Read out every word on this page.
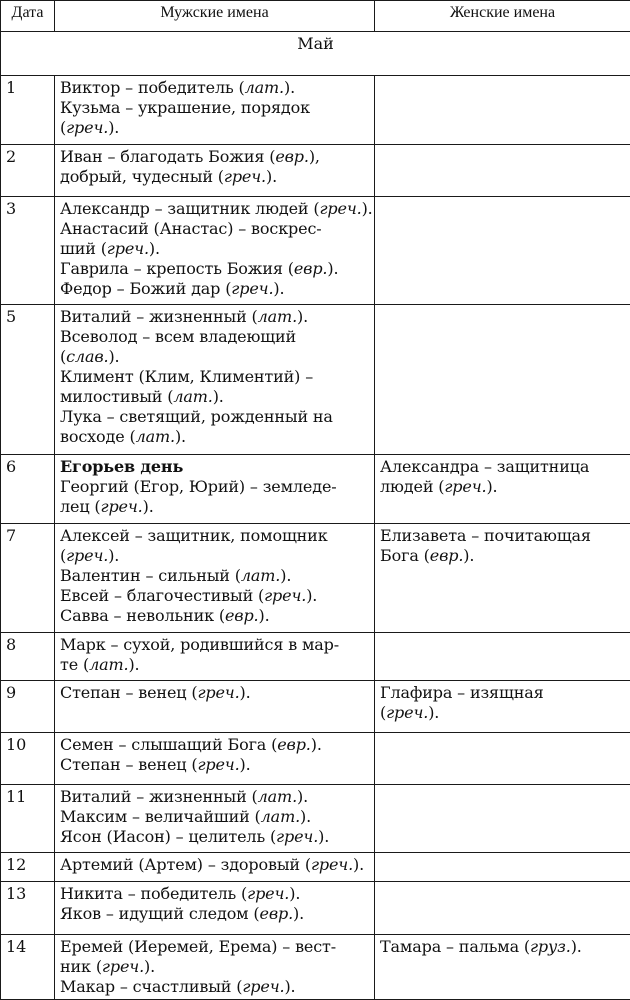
Дата	Мужские имена	Женские имена
Май		
1	Виктор – победитель (лат.).
Кузьма – украшение, порядок
(греч.).	

2	Иван – благодать Божия (евр.),
добрый, чудесный (греч.).	

3	Александр – защитник людей (греч.).
Анастасий (Анастас) – воскрес-
ший (греч.).
Гаврила – крепость Божия (евр.).
Федор – Божий дар (греч.).	

5	Виталий – жизненный (лат.).
Всеволод – всем владеющий
(слав.).
Климент (Клим, Климентий) –
милостивый (лат.).
Лука – светящий, рожденный на
восходе (лат.).

6	Егорьев день
Георгий (Егор, Юрий) – земледе-
лец (греч.).	Александра – защитница
людей (греч.).

7	Алексей – защитник, помощник
(греч.).
Валентин – сильный (лат.).
Евсей – благочестивый (греч.).
Савва – невольник (евр.).	Елизавета – почитающая
Бога (евр.).

8	Марк – сухой, родившийся в мар-
те (лат.).	

9	Степан – венец (греч.).	Глафира – изящная
(греч.).

10	Семен – слышащий Бога (евр.).
Степан – венец (греч.).	

11	Виталий – жизненный (лат.).
Максим – величайший (лат.).
Ясон (Иасон) – целитель (греч.).	

12	Артемий (Артем) – здоровый (греч.).	

13	Никита – победитель (греч.).
Яков – идущий следом (евр.).	

14	Еремей (Иеремей, Ерема) – вест-
ник (греч.).
Макар – счастливый (греч.).	Тамара – пальма (груз.).
